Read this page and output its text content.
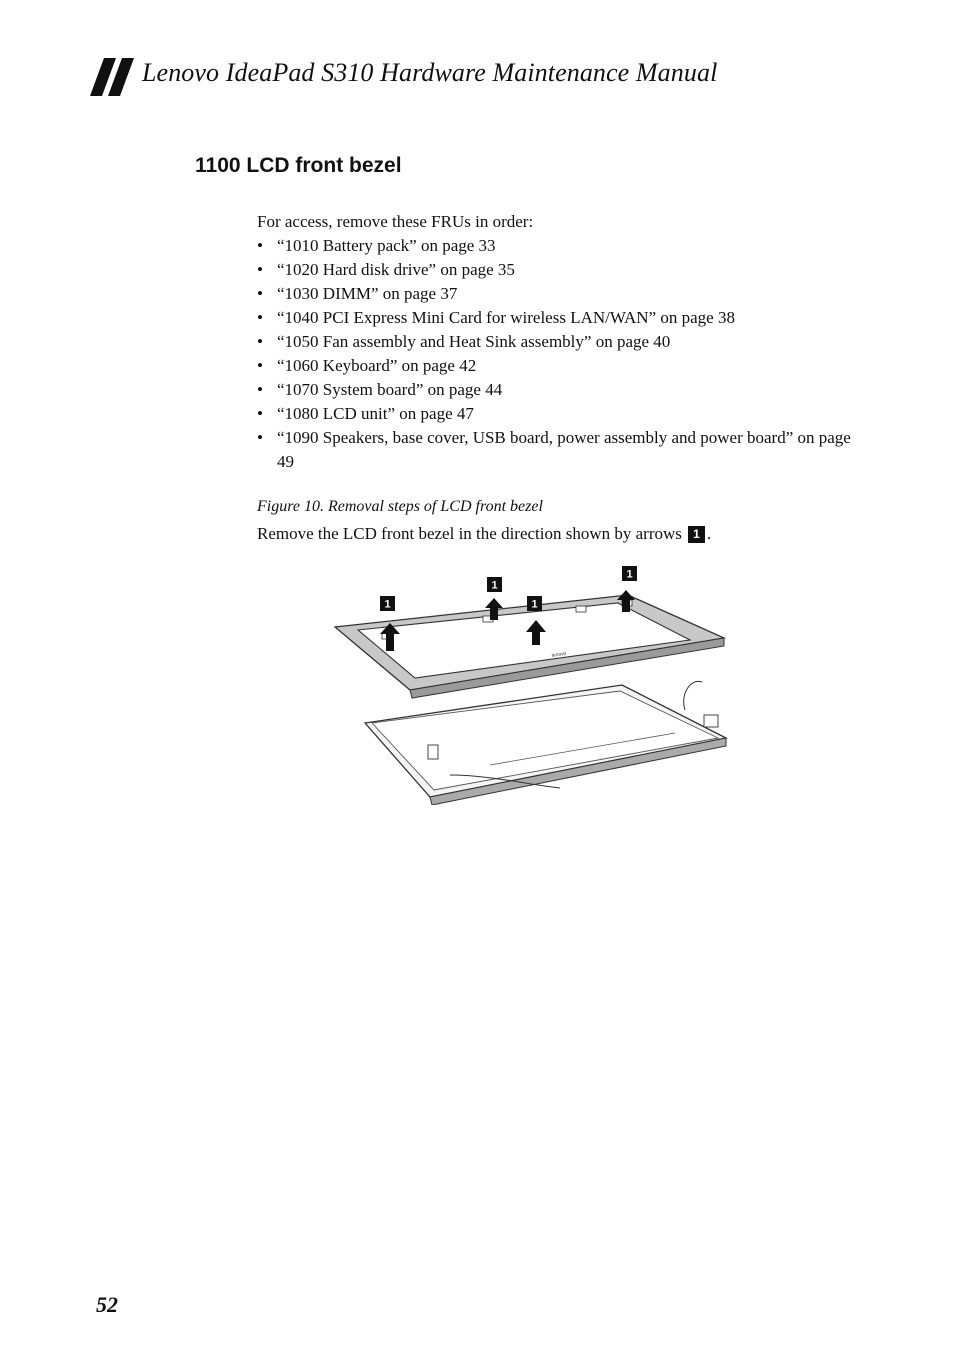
Lenovo IdeaPad S310 Hardware Maintenance Manual
1100 LCD front bezel

For access, remove these FRUs in order:

• “1010 Battery pack” on page 33
• “1020 Hard disk drive” on page 35
• “1030 DIMM” on page 37
• “1040 PCI Express Mini Card for wireless LAN/WAN” on page 38
• “1050 Fan assembly and Heat Sink assembly” on page 40
• “1060 Keyboard” on page 42
• “1070 System board” on page 44
• “1080 LCD unit” on page 47
• “1090 Speakers, base cover, USB board, power assembly and power board” on page 49
Figure 10. Removal steps of LCD front bezel
Remove the LCD front bezel in the direction shown by arrows 1 .
lenovo
1
1
1
1
52
